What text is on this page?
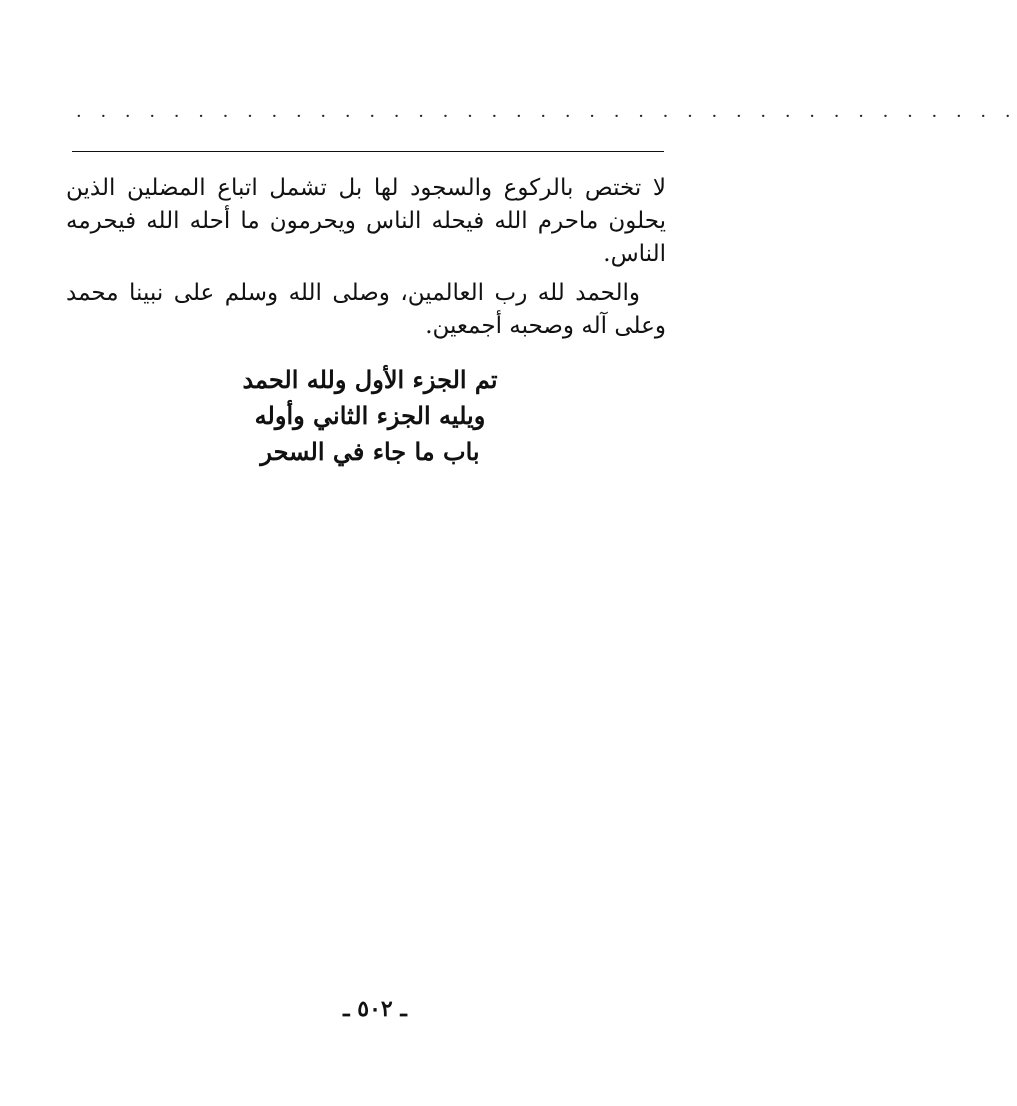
· · · · · · · · · · · · · · · · · · · · · · · · · · · · · · · · · · · · · · ·

لا تختص بالركوع والسجود لها بل تشمل اتباع المضلين الذين يحلون ماحرم الله فيحله الناس ويحرمون ما أحله الله فيحرمه الناس.

والحمد لله رب العالمين، وصلى الله وسلم على نبينا محمد وعلى آله وصحبه أجمعين.

تم الجزء الأول ولله الحمد
ويليه الجزء الثاني وأوله
باب ما جاء في السحر
ـ ٥٠٢ ـ
